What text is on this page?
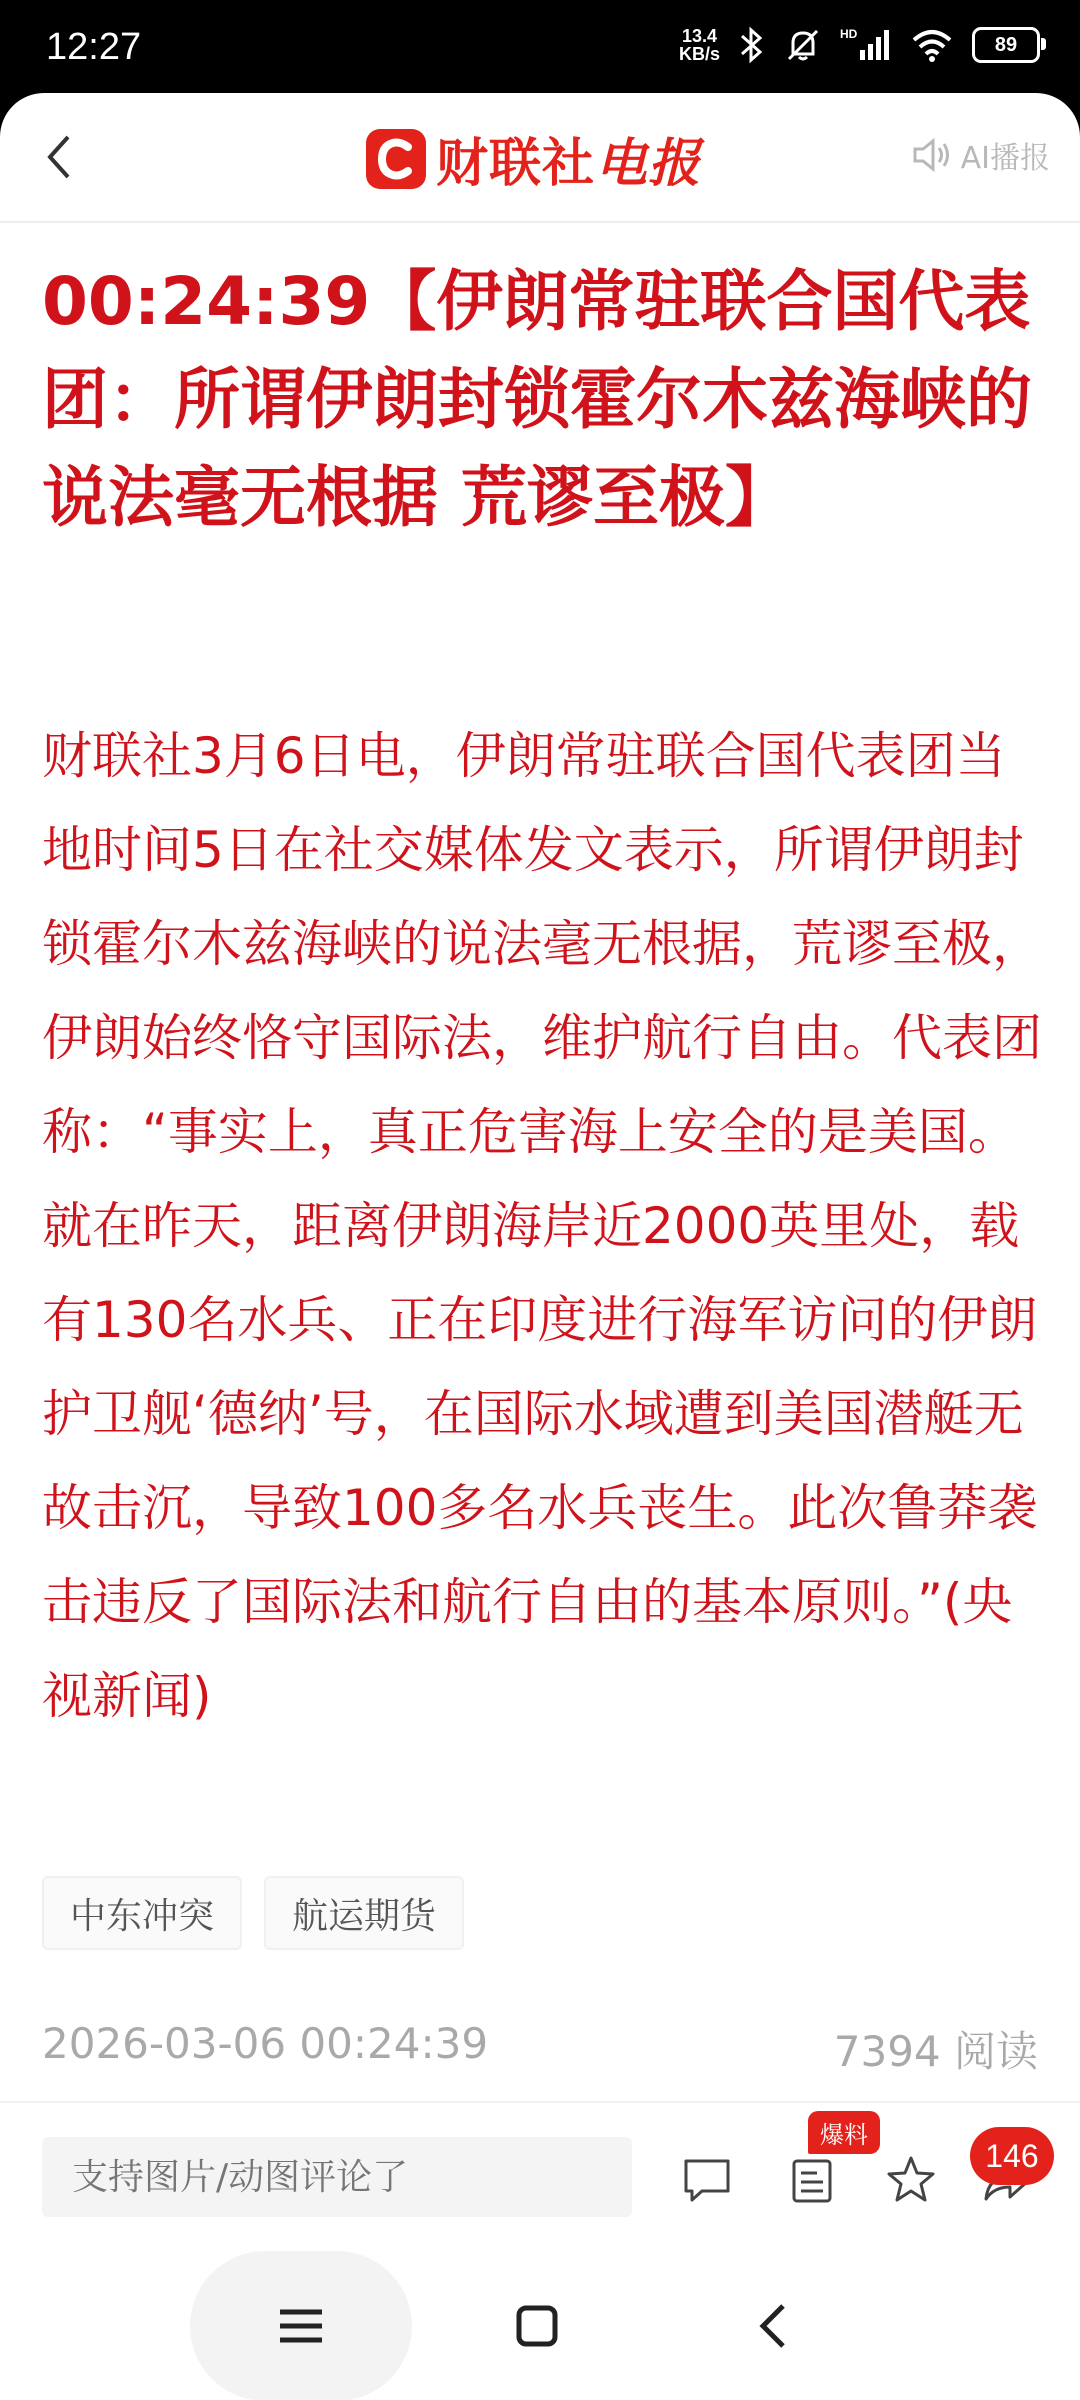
12:27	13.4
KB/s
HD	89
财联社电报	AI播报
00:24:39【伊朗常驻联合国代表团：所谓伊朗封锁霍尔木兹海峡的说法毫无根据 荒谬至极】

财联社3月6日电，伊朗常驻联合国代表团当地时间5日在社交媒体发文表示，所谓伊朗封锁霍尔木兹海峡的说法毫无根据，荒谬至极，伊朗始终恪守国际法，维护航行自由。代表团称：“事实上，真正危害海上安全的是美国。就在昨天，距离伊朗海岸近2000英里处，载有130名水兵、正在印度进行海军访问的伊朗护卫舰‘德纳’号，在国际水域遭到美国潜艇无故击沉，导致100多名水兵丧生。此次鲁莽袭击违反了国际法和航行自由的基本原则。”(央视新闻)

中东冲突	航运期货
2026-03-06 00:24:39	7394 阅读
支持图片/动图评论了
爆料
146
